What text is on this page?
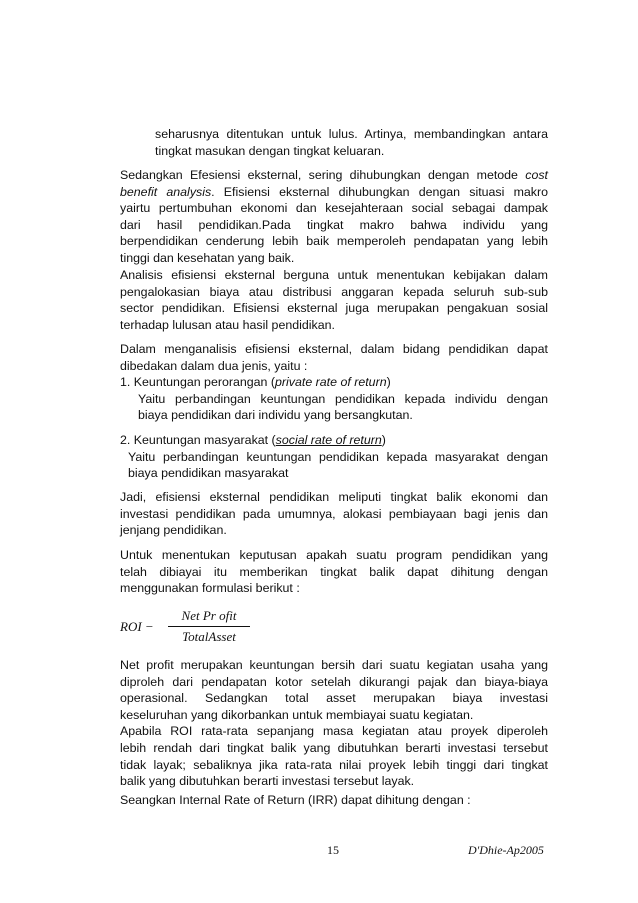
seharusnya ditentukan untuk lulus. Artinya, membandingkan antara
tingkat masukan dengan tingkat keluaran.
Sedangkan Efesiensi eksternal, sering dihubungkan dengan metode cost
benefit analysis. Efisiensi eksternal dihubungkan dengan situasi makro
yairtu pertumbuhan ekonomi dan kesejahteraan social sebagai dampak
dari hasil pendidikan.Pada tingkat makro bahwa individu yang
berpendidikan cenderung lebih baik memperoleh pendapatan yang lebih
tinggi dan kesehatan yang baik.
Analisis efisiensi eksternal berguna untuk menentukan kebijakan dalam
pengalokasian biaya atau distribusi anggaran kepada seluruh sub-sub
sector pendidikan. Efisiensi eksternal juga merupakan pengakuan sosial
terhadap lulusan atau hasil pendidikan.
Dalam menganalisis efisiensi eksternal, dalam bidang pendidikan dapat
dibedakan dalam dua jenis, yaitu :
1. Keuntungan perorangan (private rate of return)
Yaitu perbandingan keuntungan pendidikan kepada individu dengan
biaya pendidikan dari individu yang bersangkutan.
2. Keuntungan masyarakat (social rate of return)
Yaitu perbandingan keuntungan pendidikan kepada masyarakat dengan
biaya pendidikan masyarakat
Jadi, efisiensi eksternal pendidikan meliputi tingkat balik ekonomi dan
investasi pendidikan pada umumnya, alokasi pembiayaan bagi jenis dan
jenjang pendidikan.
Untuk menentukan keputusan apakah suatu program pendidikan yang
telah dibiayai itu memberikan tingkat balik dapat dihitung dengan
menggunakan formulasi berikut :
ROI −
Net Pr ofit
TotalAsset
Net profit merupakan keuntungan bersih dari suatu kegiatan usaha yang
diproleh dari pendapatan kotor setelah dikurangi pajak dan biaya-biaya
operasional. Sedangkan total asset merupakan biaya investasi
keseluruhan yang dikorbankan untuk membiayai suatu kegiatan.
Apabila ROI rata-rata sepanjang masa kegiatan atau proyek diperoleh
lebih rendah dari tingkat balik yang dibutuhkan berarti investasi tersebut
tidak layak; sebaliknya jika rata-rata nilai proyek lebih tinggi dari tingkat
balik yang dibutuhkan berarti investasi tersebut layak.
Seangkan Internal Rate of Return (IRR) dapat dihitung dengan :
15	D'Dhie-Ap2005
